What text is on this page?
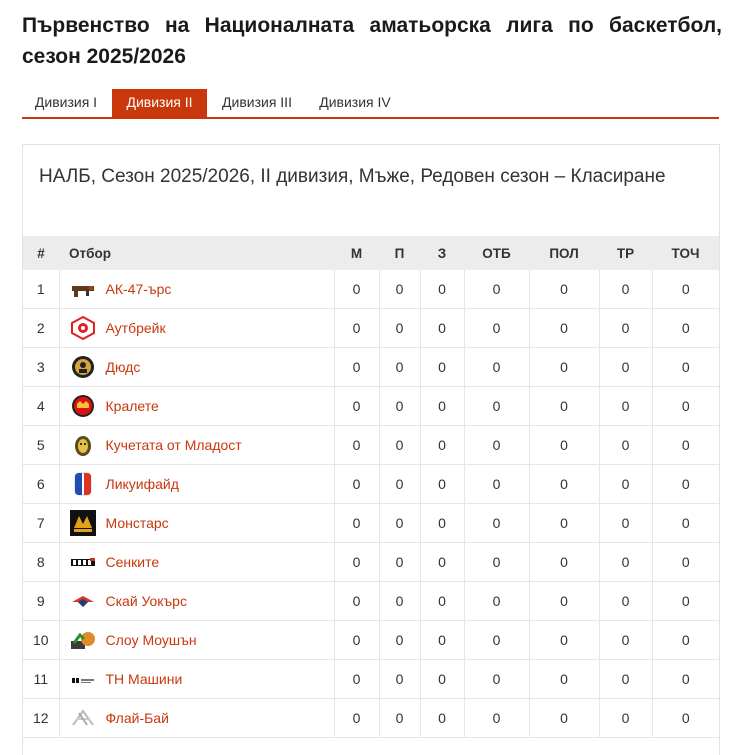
Първенство на Националната аматьорска лига по баскетбол, сезон 2025/2026
Дивизия I	Дивизия II	Дивизия III	Дивизия IV
НАЛБ, Сезон 2025/2026, II дивизия, Мъже, Редовен сезон – Класиране
#	Отбор	М	П	З	ОТБ	ПОЛ	ТР	ТОЧ
1	АК-47-ърс	0	0	0	0	0	0	0
2	Аутбрейк	0	0	0	0	0	0	0
3	Дюдс	0	0	0	0	0	0	0
4	Кралете	0	0	0	0	0	0	0
5	Кучетата от Младост	0	0	0	0	0	0	0
6	Ликуифайд	0	0	0	0	0	0	0
7	Монстарс	0	0	0	0	0	0	0
8	Сенките	0	0	0	0	0	0	0
9	Скай Уокърс	0	0	0	0	0	0	0
10	Слоу Моушън	0	0	0	0	0	0	0
11	ТН Машини	0	0	0	0	0	0	0
12	Флай-Бай	0	0	0	0	0	0	0
